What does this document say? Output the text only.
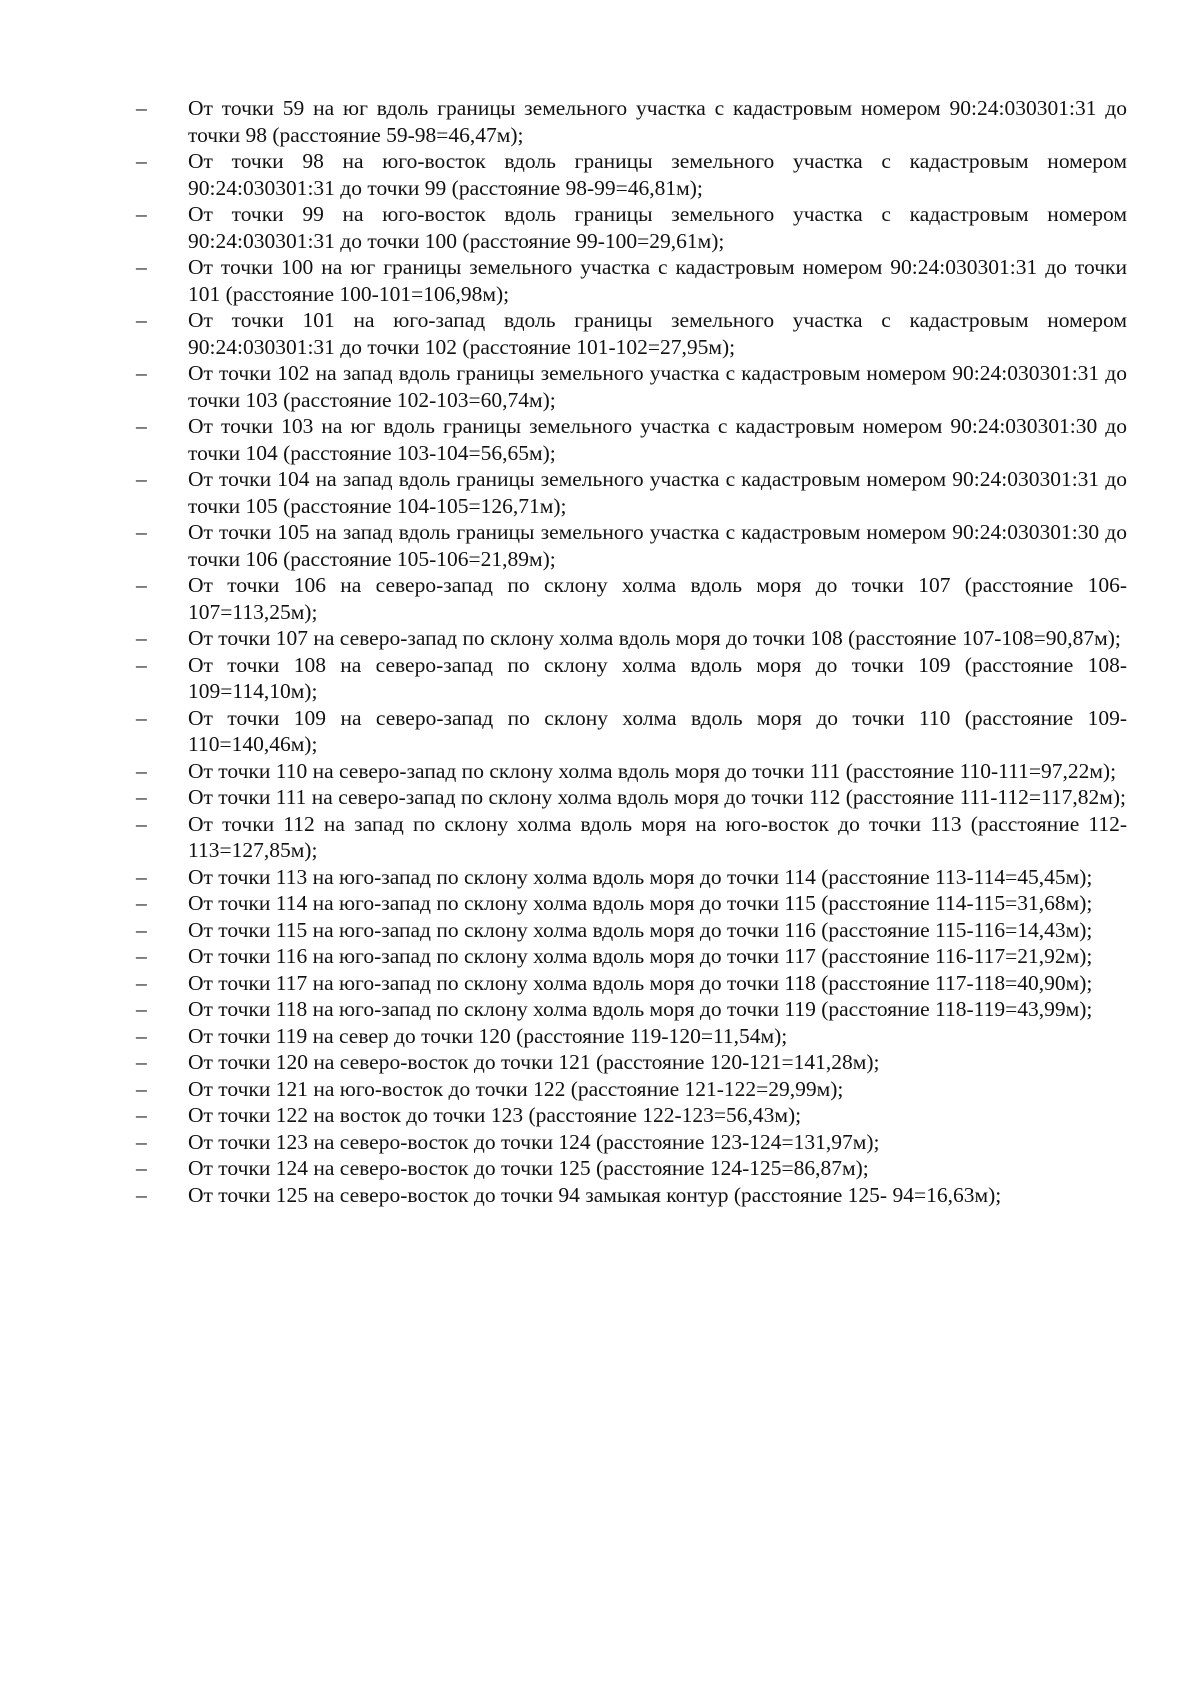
–	От точки 59 на юг вдоль границы земельного участка с кадастровым номером 90:24:030301:31 до точки 98 (расстояние 59-98=46,47м);
–	От точки 98 на юго-восток вдоль границы земельного участка с кадастровым номером 90:24:030301:31 до точки 99 (расстояние 98-99=46,81м);
–	От точки 99 на юго-восток вдоль границы земельного участка с кадастровым номером 90:24:030301:31 до точки 100 (расстояние 99-100=29,61м);
–	От точки 100 на юг границы земельного участка с кадастровым номером 90:24:030301:31 до точки 101 (расстояние 100-101=106,98м);
–	От точки 101 на юго-запад вдоль границы земельного участка с кадастровым номером 90:24:030301:31 до точки 102 (расстояние 101-102=27,95м);
–	От точки 102 на запад вдоль границы земельного участка с кадастровым номером 90:24:030301:31 до точки 103 (расстояние 102-103=60,74м);
–	От точки 103 на юг вдоль границы земельного участка с кадастровым номером 90:24:030301:30 до точки 104 (расстояние 103-104=56,65м);
–	От точки 104 на запад вдоль границы земельного участка с кадастровым номером 90:24:030301:31 до точки 105 (расстояние 104-105=126,71м);
–	От точки 105 на запад вдоль границы земельного участка с кадастровым номером 90:24:030301:30 до точки 106 (расстояние 105-106=21,89м);
–	От точки 106 на северо-запад по склону холма вдоль моря до точки 107 (расстояние 106-107=113,25м);
–	От точки 107 на северо-запад по склону холма вдоль моря до точки 108 (расстояние 107-108=90,87м);
–	От точки 108 на северо-запад по склону холма вдоль моря до точки 109 (расстояние 108-109=114,10м);
–	От точки 109 на северо-запад по склону холма вдоль моря до точки 110 (расстояние 109-110=140,46м);
–	От точки 110 на северо-запад по склону холма вдоль моря до точки 111 (расстояние 110-111=97,22м);
–	От точки 111 на северо-запад по склону холма вдоль моря до точки 112 (расстояние 111-112=117,82м);
–	От точки 112 на запад по склону холма вдоль моря на юго-восток до точки 113 (расстояние 112-113=127,85м);
–	От точки 113 на юго-запад по склону холма вдоль моря до точки 114 (расстояние 113-114=45,45м);
–	От точки 114 на юго-запад по склону холма вдоль моря до точки 115 (расстояние 114-115=31,68м);
–	От точки 115 на юго-запад по склону холма вдоль моря до точки 116 (расстояние 115-116=14,43м);
–	От точки 116 на юго-запад по склону холма вдоль моря до точки 117 (расстояние 116-117=21,92м);
–	От точки 117 на юго-запад по склону холма вдоль моря до точки 118 (расстояние 117-118=40,90м);
–	От точки 118 на юго-запад по склону холма вдоль моря до точки 119 (расстояние 118-119=43,99м);
–	От точки 119 на север до точки 120 (расстояние 119-120=11,54м);
–	От точки 120 на северо-восток до точки 121 (расстояние 120-121=141,28м);
–	От точки 121 на юго-восток до точки 122 (расстояние 121-122=29,99м);
–	От точки 122 на восток до точки 123 (расстояние 122-123=56,43м);
–	От точки 123 на северо-восток до точки 124 (расстояние 123-124=131,97м);
–	От точки 124 на северо-восток до точки 125 (расстояние 124-125=86,87м);
–	От точки 125 на северо-восток до точки 94 замыкая контур (расстояние 125- 94=16,63м);
